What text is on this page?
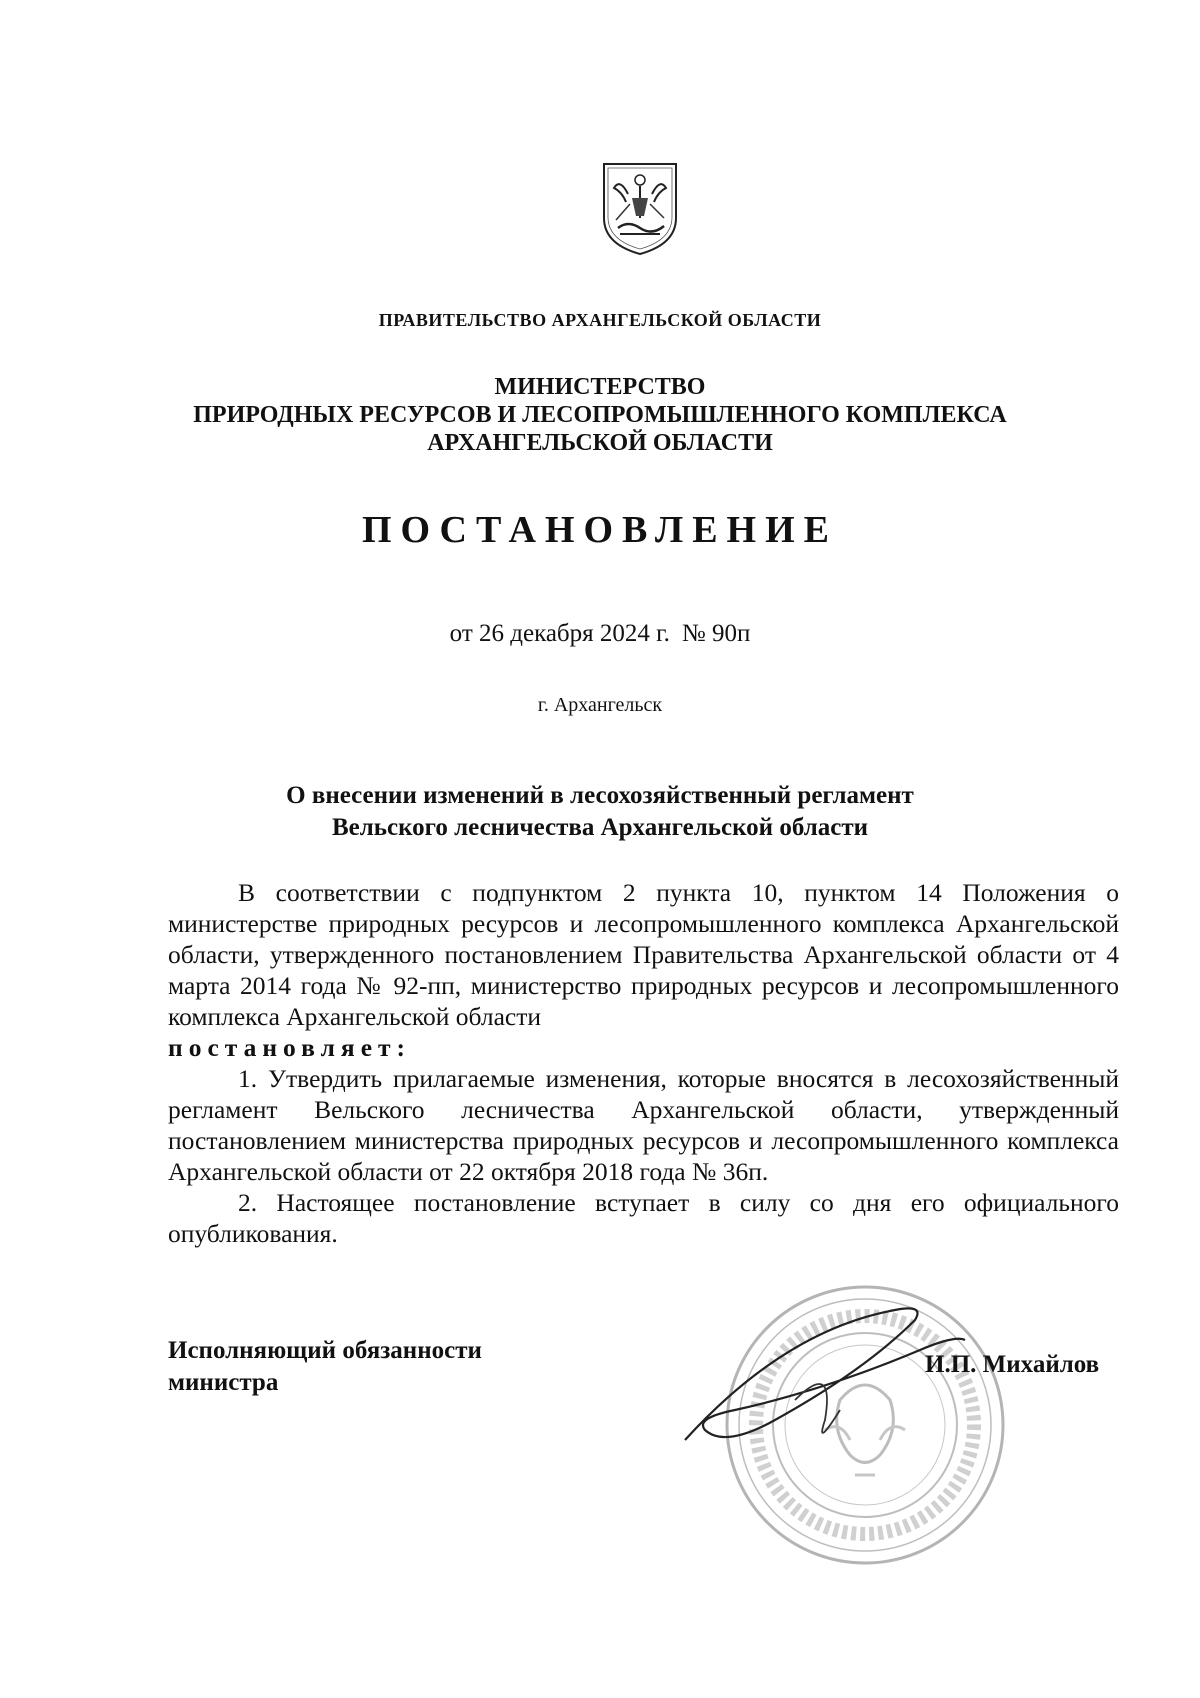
ПРАВИТЕЛЬСТВО АРХАНГЕЛЬСКОЙ ОБЛАСТИ
МИНИСТЕРСТВО
ПРИРОДНЫХ РЕСУРСОВ И ЛЕСОПРОМЫШЛЕННОГО КОМПЛЕКСА
АРХАНГЕЛЬСКОЙ ОБЛАСТИ
ПОСТАНОВЛЕНИЕ
от 26 декабря 2024 г. № 90п
г. Архангельск
О внесении изменений в лесохозяйственный регламент
Вельского лесничества Архангельской области

В соответствии с подпунктом 2 пункта 10, пунктом 14 Положения о министерстве природных ресурсов и лесопромышленного комплекса Архангельской области, утвержденного постановлением Правительства Архангельской области от 4 марта 2014 года № 92-пп, министерство природных ресурсов и лесопромышленного комплекса Архангельской области

постановляет:

1. Утвердить прилагаемые изменения, которые вносятся в лесохозяйственный регламент Вельского лесничества Архангельской области, утвержденный постановлением министерства природных ресурсов и лесопромышленного комплекса Архангельской области от 22 октября 2018 года № 36п.

2. Настоящее постановление вступает в силу со дня его официального опубликования.

Исполняющий обязанности
министра
И.П. Михайлов
